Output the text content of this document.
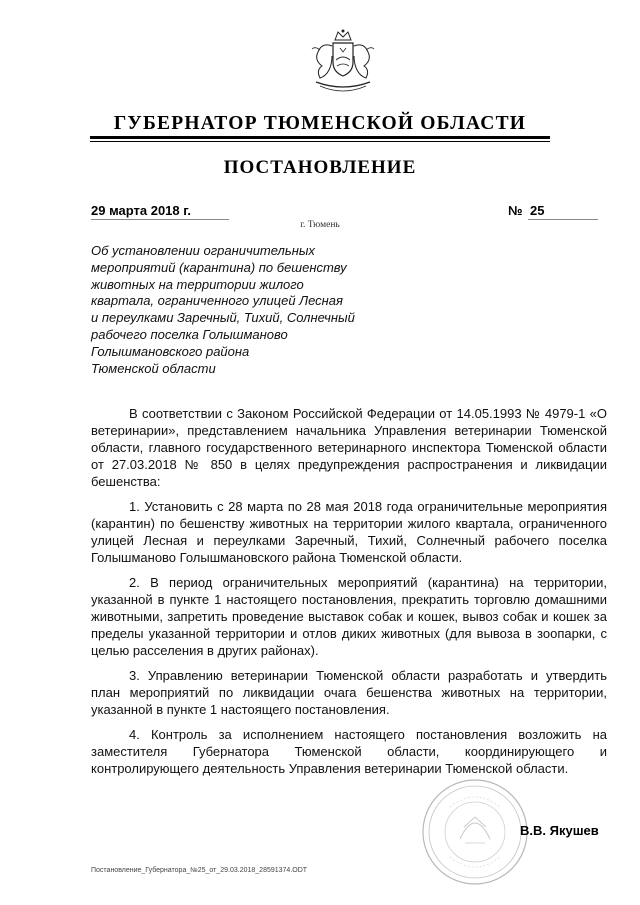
ГУБЕРНАТОР ТЮМЕНСКОЙ ОБЛАСТИ
ПОСТАНОВЛЕНИЕ
29 марта 2018 г.	№ 25
г. Тюмень
Об установлении ограничительных
мероприятий (карантина) по бешенству
животных на территории жилого
квартала, ограниченного улицей Лесная
и переулками Заречный, Тихий, Солнечный
рабочего поселка Голышманово
Голышмановского района
Тюменской области

В соответствии с Законом Российской Федерации от 14.05.1993 № 4979-1 «О ветеринарии», представлением начальника Управления ветеринарии Тюменской области, главного государственного ветеринарного инспектора Тюменской области от 27.03.2018 № 850 в целях предупреждения распространения и ликвидации бешенства:

1. Установить с 28 марта по 28 мая 2018 года ограничительные мероприятия (карантин) по бешенству животных на территории жилого квартала, ограниченного улицей Лесная и переулками Заречный, Тихий, Солнечный рабочего поселка Голышманово Голышмановского района Тюменской области.

2. В период ограничительных мероприятий (карантина) на территории, указанной в пункте 1 настоящего постановления, прекратить торговлю домашними животными, запретить проведение выставок собак и кошек, вывоз собак и кошек за пределы указанной территории и отлов диких животных (для вывоза в зоопарки, с целью расселения в других районах).

3. Управлению ветеринарии Тюменской области разработать и утвердить план мероприятий по ликвидации очага бешенства животных на территории, указанной в пункте 1 настоящего постановления.

4. Контроль за исполнением настоящего постановления возложить на заместителя Губернатора Тюменской области, координирующего и контролирующего деятельность Управления ветеринарии Тюменской области.

В.В. Якушев
Постановление_Губернатора_№25_от_29.03.2018_28591374.ODT
